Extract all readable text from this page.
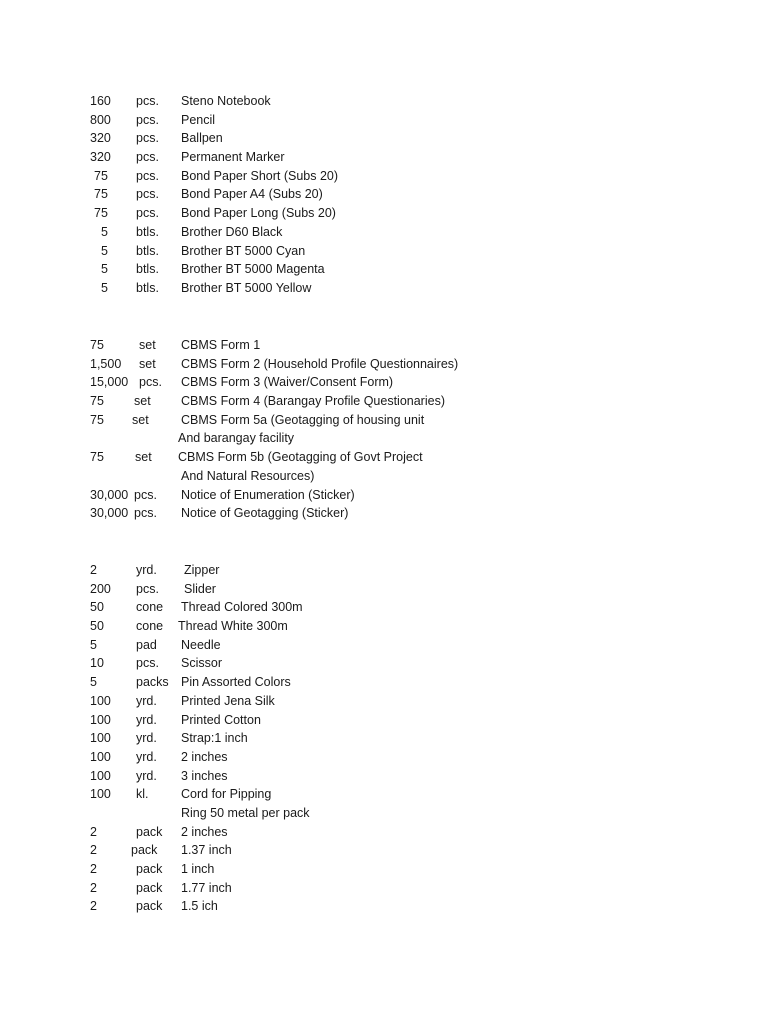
160 pcs. Steno Notebook
800 pcs. Pencil
320 pcs. Ballpen
320 pcs. Permanent Marker
75 pcs. Bond Paper Short (Subs 20)
75 pcs. Bond Paper A4 (Subs 20)
75 pcs. Bond Paper Long (Subs 20)
5 btls. Brother D60 Black
5 btls. Brother BT 5000 Cyan
5 btls. Brother BT 5000 Magenta
5 btls. Brother BT 5000 Yellow
75	set CBMS Form 1
1,500 set CBMS Form 2 (Household Profile Questionnaires)
15,000 pcs. CBMS Form 3 (Waiver/Consent Form)
75 set CBMS Form 4 (Barangay Profile Questionaries)
75 set	CBMS Form 5a (Geotagging of housing unit
And barangay facility
75 set CBMS Form 5b (Geotagging of Govt Project
And Natural Resources)
30,000 pcs. Notice of Enumeration (Sticker)
30,000 pcs. Notice of Geotagging (Sticker)
2	yrd. Zipper
200 pcs. Slider
50	cone Thread Colored 300m
50	cone Thread White 300m
5	pad Needle
10	pcs. Scissor
5	packs Pin Assorted Colors
100 yrd. Printed Jena Silk
100 yrd. Printed Cotton
100 yrd. Strap:1 inch
100 yrd. 2 inches
100 yrd. 3 inches
100 kl.	Cord for Pipping
Ring 50 metal per pack
2	pack 2 inches
2	pack 1.37 inch
2	pack 1 inch
2	pack 1.77 inch
2	pack 1.5 ich
